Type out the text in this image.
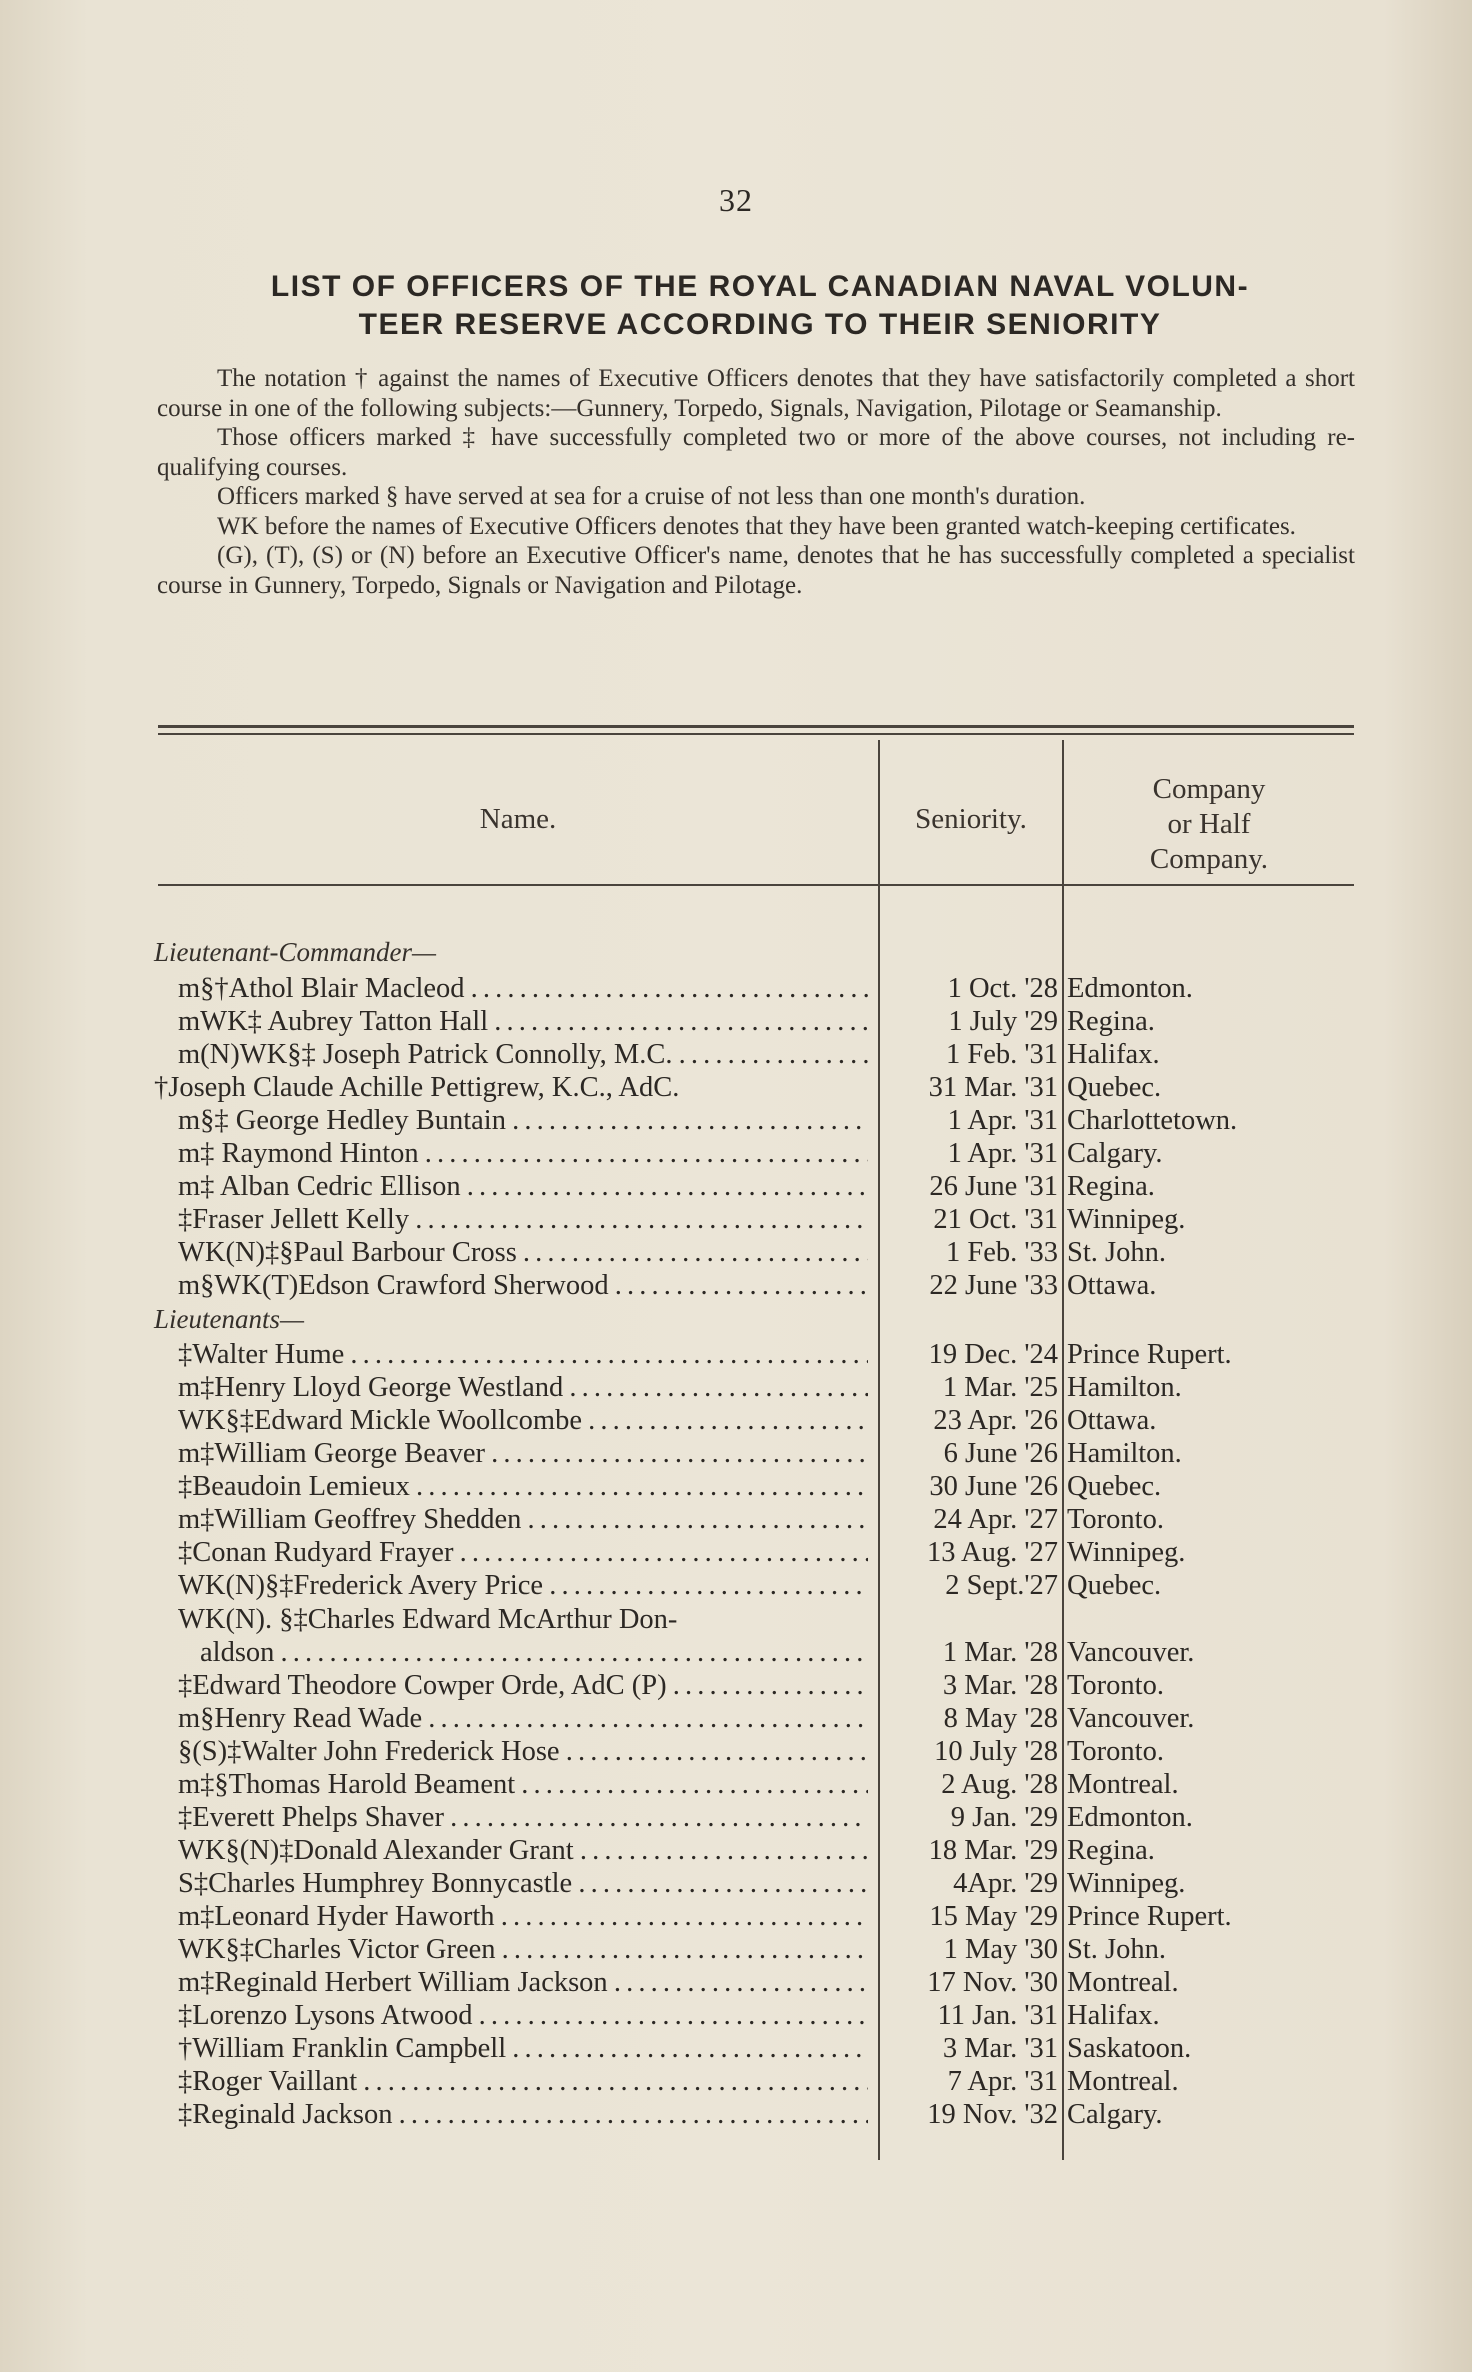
32
LIST OF OFFICERS OF THE ROYAL CANADIAN NAVAL VOLUN-
TEER RESERVE ACCORDING TO THEIR SENIORITY

The notation † against the names of Executive Officers denotes that they have satisfactorily completed a short course in one of the following subjects:—Gunnery, Torpedo, Signals, Navigation, Pilotage or Seamanship.

Those officers marked ‡ have successfully completed two or more of the above courses, not including re-qualifying courses.

Officers marked § have served at sea for a cruise of not less than one month's duration.

WK before the names of Executive Officers denotes that they have been granted watch-keeping certificates.

(G), (T), (S) or (N) before an Executive Officer's name, denotes that he has successfully completed a specialist course in Gunnery, Torpedo, Signals or Navigation and Pilotage.

Name.	Seniority.
Company
or Half
Company.
Lieutenant-Commander—
m§†Athol Blair Macleod . . .	1 Oct. '28 Edmonton.
mWK‡ Aubrey Tatton Hall . . .	1 July '29 Regina.
m(N)WK§‡ Joseph Patrick Connolly, M.C. . . .	1 Feb. '31 Halifax.
†Joseph Claude Achille Pettigrew, K.C., AdC.	31 Mar. '31 Quebec.
m§‡ George Hedley Buntain . . .	1 Apr. '31 Charlottetown.
m‡ Raymond Hinton . . .	1 Apr. '31 Calgary.
m‡ Alban Cedric Ellison . . .	26 June '31 Regina.
‡Fraser Jellett Kelly . . .	21 Oct. '31 Winnipeg.
WK(N)‡§Paul Barbour Cross . . .	1 Feb. '33 St. John.
m§WK(T)Edson Crawford Sherwood . . .	22 June '33 Ottawa.
Lieutenants—
‡Walter Hume . . .	19 Dec. '24 Prince Rupert.
m‡Henry Lloyd George Westland . . .	1 Mar. '25 Hamilton.
WK§‡Edward Mickle Woollcombe . . .	23 Apr. '26 Ottawa.
m‡William George Beaver . . .	6 June '26 Hamilton.
‡Beaudoin Lemieux . . .	30 June '26 Quebec.
m‡William Geoffrey Shedden . . .	24 Apr. '27 Toronto.
‡Conan Rudyard Frayer . . .	13 Aug. '27 Winnipeg.
WK(N)§‡Frederick Avery Price . . .	2 Sept.'27 Quebec.
WK(N). §‡Charles Edward McArthur Don-
aldson . . .	1 Mar. '28 Vancouver.
‡Edward Theodore Cowper Orde, AdC (P) . . .	3 Mar. '28 Toronto.
m§Henry Read Wade . . .	8 May '28 Vancouver.
§(S)‡Walter John Frederick Hose . . .	10 July '28 Toronto.
m‡§Thomas Harold Beament . . .	2 Aug. '28 Montreal.
‡Everett Phelps Shaver . . .	9 Jan. '29 Edmonton.
WK§(N)‡Donald Alexander Grant . . .	18 Mar. '29 Regina.
S‡Charles Humphrey Bonnycastle . . .	4Apr. '29 Winnipeg.
m‡Leonard Hyder Haworth . . .	15 May '29 Prince Rupert.
WK§‡Charles Victor Green . . .	1 May '30 St. John.
m‡Reginald Herbert William Jackson . . .	17 Nov. '30 Montreal.
‡Lorenzo Lysons Atwood . . .	11 Jan. '31 Halifax.
†William Franklin Campbell . . .	3 Mar. '31 Saskatoon.
‡Roger Vaillant . . .	7 Apr. '31 Montreal.
‡Reginald Jackson . . .	19 Nov. '32 Calgary.
